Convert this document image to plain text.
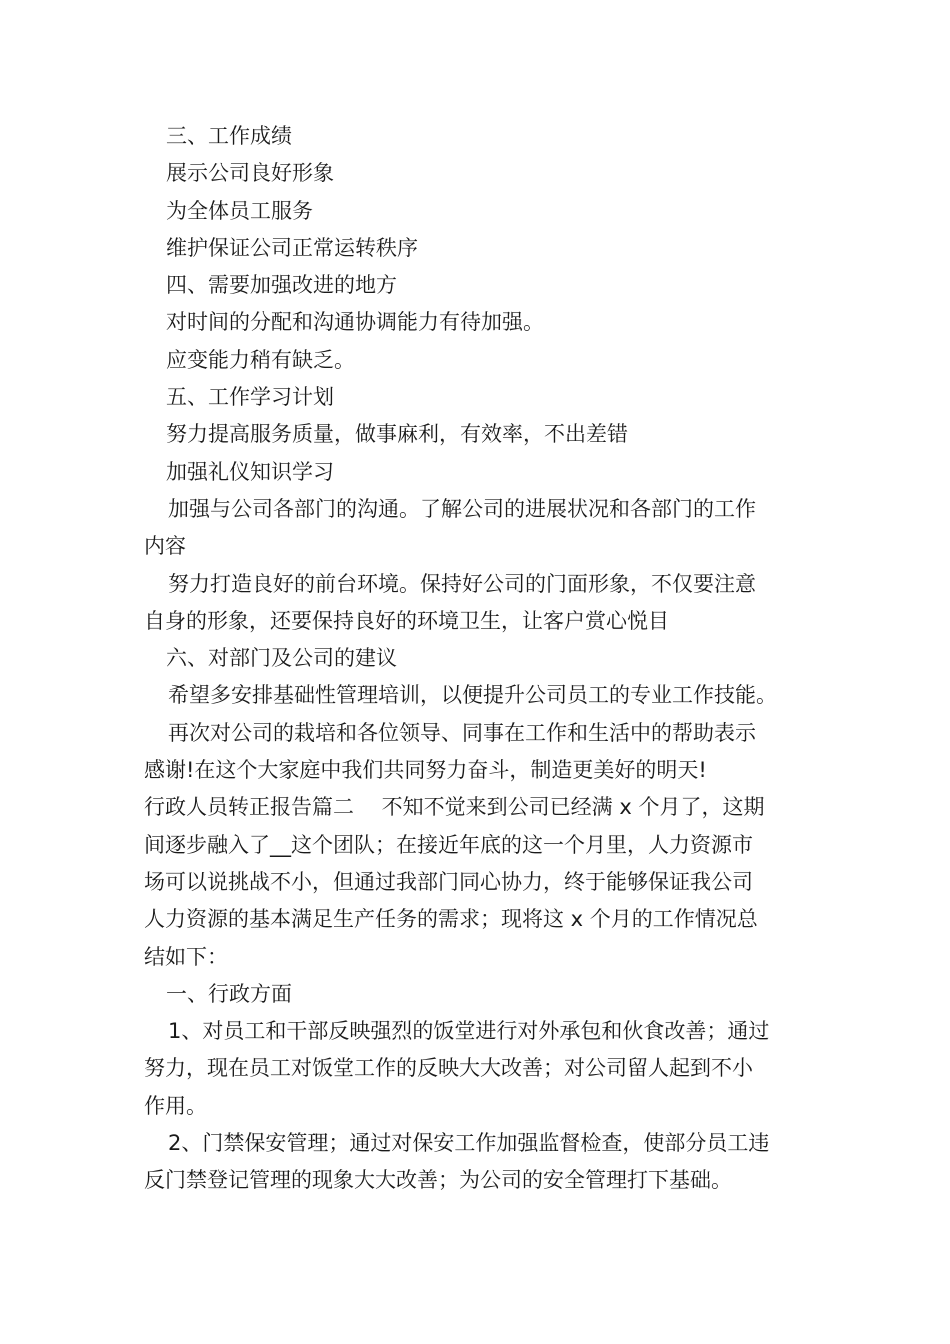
三、工作成绩
展示公司良好形象
为全体员工服务
维护保证公司正常运转秩序
四、需要加强改进的地方
对时间的分配和沟通协调能力有待加强。
应变能力稍有缺乏。
五、工作学习计划
努力提高服务质量，做事麻利，有效率，不出差错
加强礼仪知识学习
加强与公司各部门的沟通。了解公司的进展状况和各部门的工作
内容
努力打造良好的前台环境。保持好公司的门面形象，不仅要注意
自身的形象，还要保持良好的环境卫生，让客户赏心悦目
六、对部门及公司的建议
希望多安排基础性管理培训，以便提升公司员工的专业工作技能。
再次对公司的栽培和各位领导、同事在工作和生活中的帮助表示
感谢!在这个大家庭中我们共同努力奋斗，制造更美好的明天!
行政人员转正报告篇二　 不知不觉来到公司已经满 x 个月了，这期
间逐步融入了__这个团队；在接近年底的这一个月里，人力资源市
场可以说挑战不小，但通过我部门同心协力，终于能够保证我公司
人力资源的基本满足生产任务的需求；现将这 x 个月的工作情况总
结如下：
一、行政方面
1、对员工和干部反映强烈的饭堂进行对外承包和伙食改善；通过
努力，现在员工对饭堂工作的反映大大改善；对公司留人起到不小
作用。
2、门禁保安管理；通过对保安工作加强监督检查，使部分员工违
反门禁登记管理的现象大大改善；为公司的安全管理打下基础。
